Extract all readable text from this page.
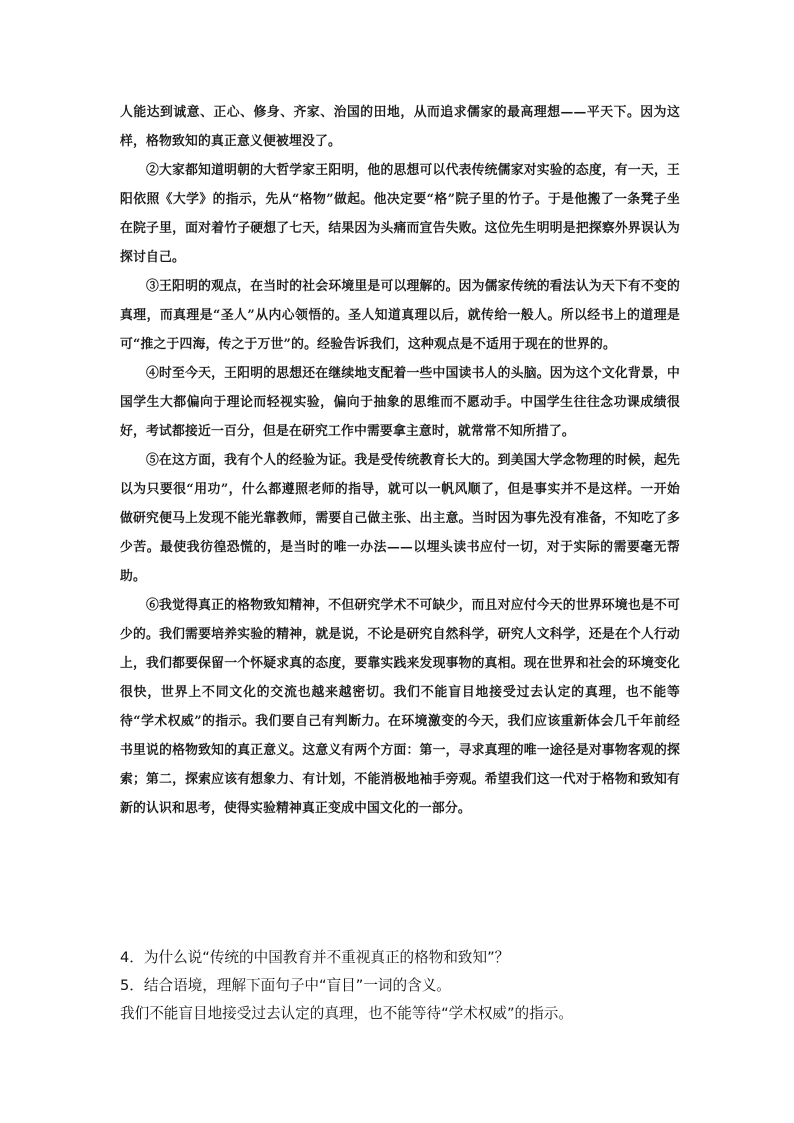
人能达到诚意、正心、修身、齐家、治国的田地，从而追求儒家的最高理想——平天下。因为这样，格物致知的真正意义便被埋没了。

②大家都知道明朝的大哲学家王阳明，他的思想可以代表传统儒家对实验的态度，有一天，王阳依照《大学》的指示，先从“格物”做起。他决定要“格”院子里的竹子。于是他搬了一条凳子坐在院子里，面对着竹子硬想了七天，结果因为头痛而宣告失败。这位先生明明是把探察外界误认为探讨自己。

③王阳明的观点，在当时的社会环境里是可以理解的。因为儒家传统的看法认为天下有不变的真理，而真理是“圣人”从内心领悟的。圣人知道真理以后，就传给一般人。所以经书上的道理是可“推之于四海，传之于万世”的。经验告诉我们，这种观点是不适用于现在的世界的。

④时至今天，王阳明的思想还在继续地支配着一些中国读书人的头脑。因为这个文化背景，中国学生大都偏向于理论而轻视实验，偏向于抽象的思维而不愿动手。中国学生往往念功课成绩很好，考试都接近一百分，但是在研究工作中需要拿主意时，就常常不知所措了。

⑤在这方面，我有个人的经验为证。我是受传统教育长大的。到美国大学念物理的时候，起先以为只要很“用功”，什么都遵照老师的指导，就可以一帆风顺了，但是事实并不是这样。一开始做研究便马上发现不能光靠教师，需要自己做主张、出主意。当时因为事先没有准备，不知吃了多少苦。最使我彷徨恐慌的，是当时的唯一办法——以埋头读书应付一切，对于实际的需要毫无帮助。

⑥我觉得真正的格物致知精神，不但研究学术不可缺少，而且对应付今天的世界环境也是不可少的。我们需要培养实验的精神，就是说，不论是研究自然科学，研究人文科学，还是在个人行动上，我们都要保留一个怀疑求真的态度，要靠实践来发现事物的真相。现在世界和社会的环境变化很快，世界上不同文化的交流也越来越密切。我们不能盲目地接受过去认定的真理，也不能等待“学术权威”的指示。我们要自己有判断力。在环境激变的今天，我们应该重新体会几千年前经书里说的格物致知的真正意义。这意义有两个方面：第一，寻求真理的唯一途径是对事物客观的探索；第二，探索应该有想象力、有计划，不能消极地袖手旁观。希望我们这一代对于格物和致知有新的认识和思考，使得实验精神真正变成中国文化的一部分。

4．为什么说“传统的中国教育并不重视真正的格物和致知”？

5．结合语境，理解下面句子中“盲目”一词的含义。

我们不能盲目地接受过去认定的真理，也不能等待“学术权威”的指示。
